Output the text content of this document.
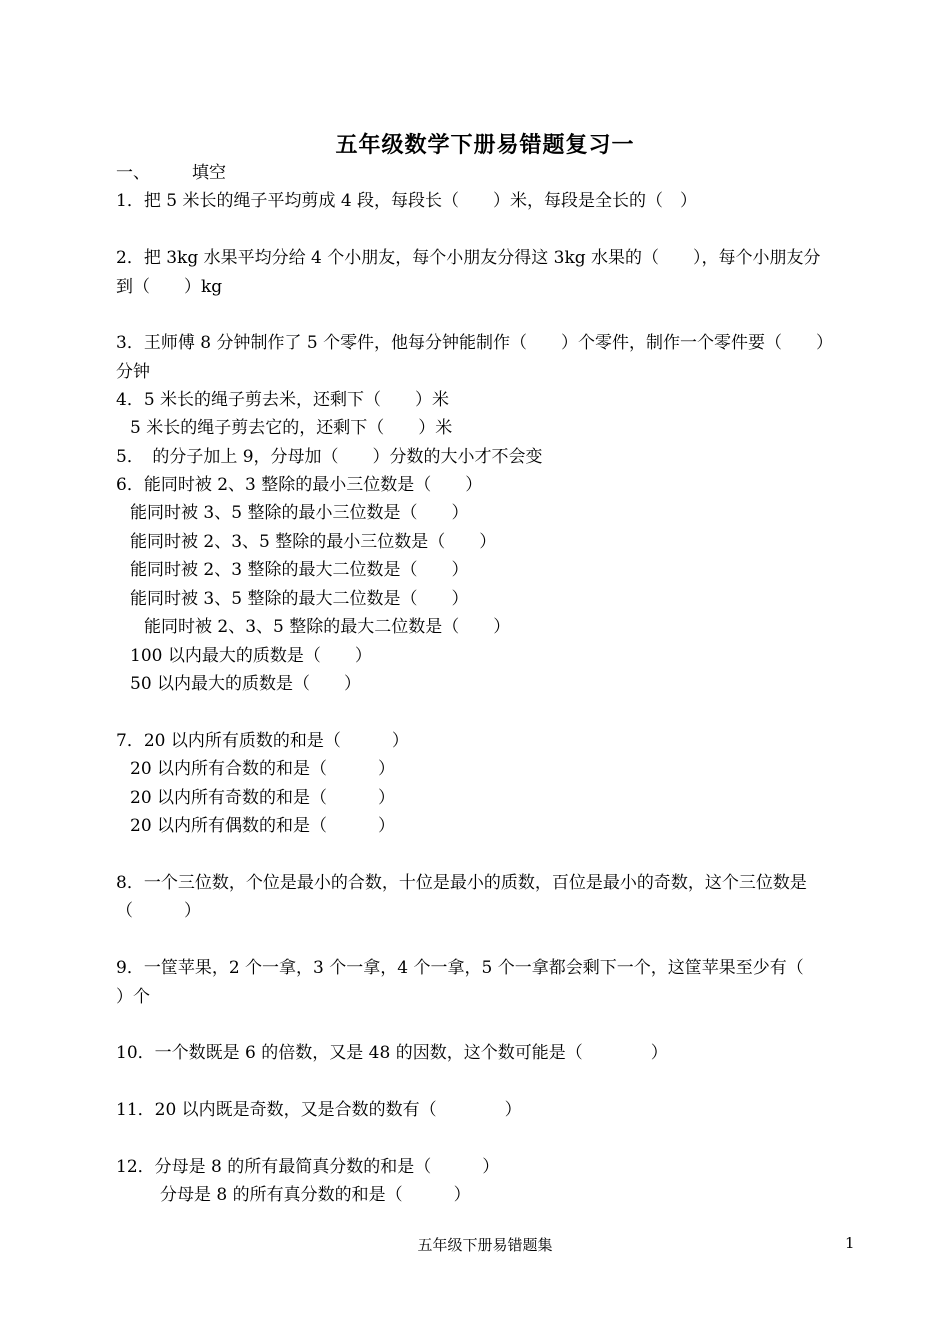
五年级数学下册易错题复习一
一、 填空
1．把 5 米长的绳子平均剪成 4 段，每段长（　　）米，每段是全长的（　）
2．把 3kg 水果平均分给 4 个小朋友，每个小朋友分得这 3kg 水果的（　　），每个小朋友分
到（　　）kg
3．王师傅 8 分钟制作了 5 个零件，他每分钟能制作（　　）个零件，制作一个零件要（　　）
分钟
4．5 米长的绳子剪去米，还剩下（　　）米
5 米长的绳子剪去它的，还剩下（　　）米
5．　的分子加上 9，分母加（　　）分数的大小才不会变
6．能同时被 2、3 整除的最小三位数是（　　）
能同时被 3、5 整除的最小三位数是（　　）
能同时被 2、3、5 整除的最小三位数是（　　）
能同时被 2、3 整除的最大二位数是（　　）
能同时被 3、5 整除的最大二位数是（　　）
能同时被 2、3、5 整除的最大二位数是（　　）
100 以内最大的质数是（　　）
50 以内最大的质数是（　　）
7．20 以内所有质数的和是（　　　）
20 以内所有合数的和是（　　　）
20 以内所有奇数的和是（　　　）
20 以内所有偶数的和是（　　　）
8．一个三位数，个位是最小的合数，十位是最小的质数，百位是最小的奇数，这个三位数是
（　　　）
9．一筐苹果，2 个一拿，3 个一拿，4 个一拿，5 个一拿都会剩下一个，这筐苹果至少有（
）个
10．一个数既是 6 的倍数，又是 48 的因数，这个数可能是（　　　　）
11．20 以内既是奇数，又是合数的数有（　　　　）
12．分母是 8 的所有最简真分数的和是（　　　）
分母是 8 的所有真分数的和是（　　　）
五年级下册易错题集	1
